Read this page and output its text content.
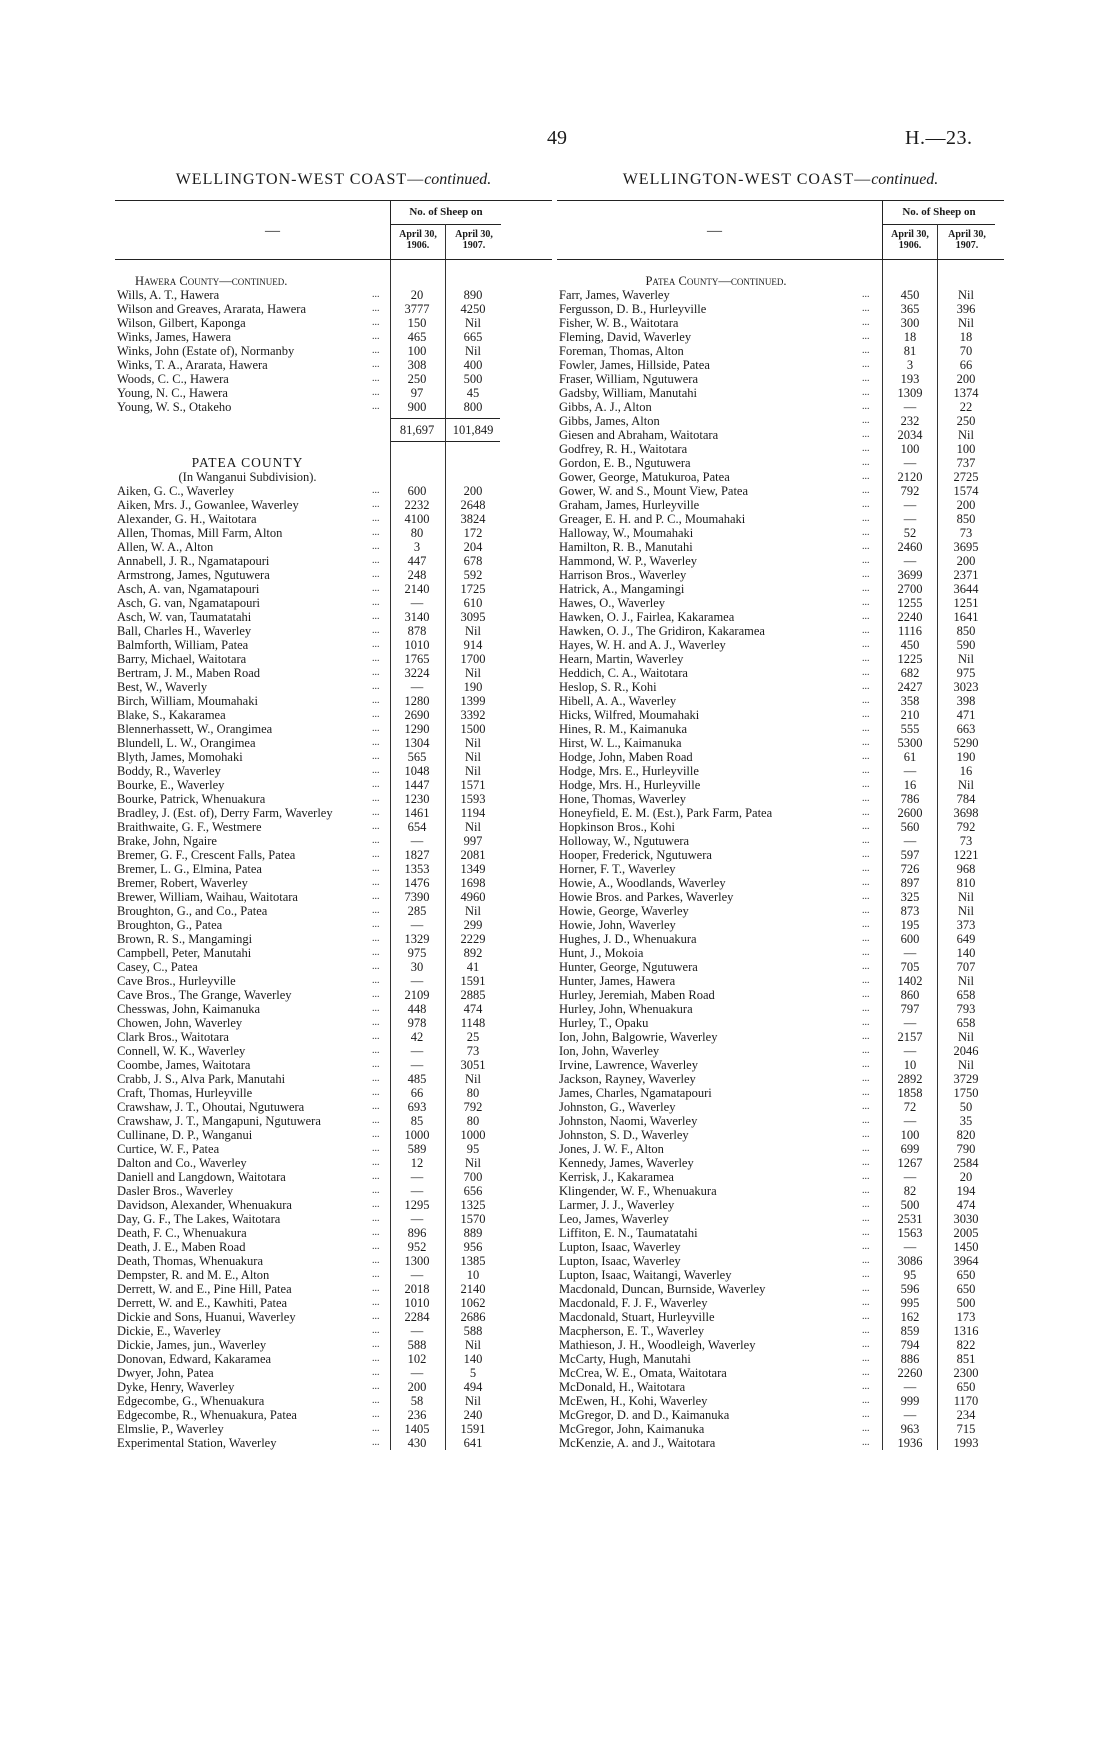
49	H.—23.
WELLINGTON-WEST COAST—continued.
—
No. of Sheep on
April 30, 1906.
April 30, 1907.
Hawera County—continued.
Wills, A. T., Hawera	...	20	890
Wilson and Greaves, Ararata, Hawera	...	3777	4250
Wilson, Gilbert, Kaponga	...	150	Nil
Winks, James, Hawera	...	465	665
Winks, John (Estate of), Normanby	...	100	Nil
Winks, T. A., Ararata, Hawera	...	308	400
Woods, C. C., Hawera	...	250	500
Young, N. C., Hawera	...	97	45
Young, W. S., Otakeho	...	900	800
81,697	101,849
PATEA COUNTY
(In Wanganui Subdivision).
Aiken, G. C., Waverley	...	600	200
Aiken, Mrs. J., Gowanlee, Waverley	...	2232	2648
Alexander, G. H., Waitotara	...	4100	3824
Allen, Thomas, Mill Farm, Alton	...	80	172
Allen, W. A., Alton	...	3	204
Annabell, J. R., Ngamatapouri	...	447	678
Armstrong, James, Ngutuwera	...	248	592
Asch, A. van, Ngamatapouri	...	2140	1725
Asch, G. van, Ngamatapouri	...	—	610
Asch, W. van, Taumatatahi	...	3140	3095
Ball, Charles H., Waverley	...	878	Nil
Balmforth, William, Patea	...	1010	914
Barry, Michael, Waitotara	...	1765	1700
Bertram, J. M., Maben Road	...	3224	Nil
Best, W., Waverly	...	—	190
Birch, William, Moumahaki	...	1280	1399
Blake, S., Kakaramea	...	2690	3392
Blennerhassett, W., Orangimea	...	1290	1500
Blundell, L. W., Orangimea	...	1304	Nil
Blyth, James, Momohaki	...	565	Nil
Boddy, R., Waverley	...	1048	Nil
Bourke, E., Waverley	...	1447	1571
Bourke, Patrick, Whenuakura	...	1230	1593
Bradley, J. (Est. of), Derry Farm, Waverley	...	1461	1194
Braithwaite, G. F., Westmere	...	654	Nil
Brake, John, Ngaire	...	—	997
Bremer, G. F., Crescent Falls, Patea	...	1827	2081
Bremer, L. G., Elmina, Patea	...	1353	1349
Bremer, Robert, Waverley	...	1476	1698
Brewer, William, Waihau, Waitotara	...	7390	4960
Broughton, G., and Co., Patea	...	285	Nil
Broughton, G., Patea	...	—	299
Brown, R. S., Mangamingi	...	1329	2229
Campbell, Peter, Manutahi	...	975	892
Casey, C., Patea	...	30	41
Cave Bros., Hurleyville	...	—	1591
Cave Bros., The Grange, Waverley	...	2109	2885
Chesswas, John, Kaimanuka	...	448	474
Chowen, John, Waverley	...	978	1148
Clark Bros., Waitotara	...	42	25
Connell, W. K., Waverley	...	—	73
Coombe, James, Waitotara	...	—	3051
Crabb, J. S., Alva Park, Manutahi	...	485	Nil
Craft, Thomas, Hurleyville	...	66	80
Crawshaw, J. T., Ohoutai, Ngutuwera	...	693	792
Crawshaw, J. T., Mangapuni, Ngutuwera	...	85	80
Cullinane, D. P., Wanganui	...	1000	1000
Curtice, W. F., Patea	...	589	95
Dalton and Co., Waverley	...	12	Nil
Daniell and Langdown, Waitotara	...	—	700
Dasler Bros., Waverley	...	—	656
Davidson, Alexander, Whenuakura	...	1295	1325
Day, G. F., The Lakes, Waitotara	...	—	1570
Death, F. C., Whenuakura	...	896	889
Death, J. E., Maben Road	...	952	956
Death, Thomas, Whenuakura	...	1300	1385
Dempster, R. and M. E., Alton	...	—	10
Derrett, W. and E., Pine Hill, Patea	...	2018	2140
Derrett, W. and E., Kawhiti, Patea	...	1010	1062
Dickie and Sons, Huanui, Waverley	...	2284	2686
Dickie, E., Waverley	...	—	588
Dickie, James, jun., Waverley	...	588	Nil
Donovan, Edward, Kakaramea	...	102	140
Dwyer, John, Patea	...	—	5
Dyke, Henry, Waverley	...	200	494
Edgecombe, G., Whenuakura	...	58	Nil
Edgecombe, R., Whenuakura, Patea	...	236	240
Elmslie, P., Waverley	...	1405	1591
Experimental Station, Waverley	...	430	641
WELLINGTON-WEST COAST—continued.
—
No. of Sheep on
April 30, 1906.
April 30, 1907.
Patea County—continued.
Farr, James, Waverley	...	450	Nil
Fergusson, D. B., Hurleyville	...	365	396
Fisher, W. B., Waitotara	...	300	Nil
Fleming, David, Waverley	...	18	18
Foreman, Thomas, Alton	...	81	70
Fowler, James, Hillside, Patea	...	3	66
Fraser, William, Ngutuwera	...	193	200
Gadsby, William, Manutahi	...	1309	1374
Gibbs, A. J., Alton	...	—	22
Gibbs, James, Alton	...	232	250
Giesen and Abraham, Waitotara	...	2034	Nil
Godfrey, R. H., Waitotara	...	100	100
Gordon, E. B., Ngutuwera	...	—	737
Gower, George, Matukuroa, Patea	...	2120	2725
Gower, W. and S., Mount View, Patea	...	792	1574
Graham, James, Hurleyville	...	—	200
Greager, E. H. and P. C., Moumahaki	...	—	850
Halloway, W., Moumahaki	...	52	73
Hamilton, R. B., Manutahi	...	2460	3695
Hammond, W. P., Waverley	...	—	200
Harrison Bros., Waverley	...	3699	2371
Hatrick, A., Mangamingi	...	2700	3644
Hawes, O., Waverley	...	1255	1251
Hawken, O. J., Fairlea, Kakaramea	...	2240	1641
Hawken, O. J., The Gridiron, Kakaramea	...	1116	850
Hayes, W. H. and A. J., Waverley	...	450	590
Hearn, Martin, Waverley	...	1225	Nil
Heddich, C. A., Waitotara	...	682	975
Heslop, S. R., Kohi	...	2427	3023
Hibell, A. A., Waverley	...	358	398
Hicks, Wilfred, Moumahaki	...	210	471
Hines, R. M., Kaimanuka	...	555	663
Hirst, W. L., Kaimanuka	...	5300	5290
Hodge, John, Maben Road	...	61	190
Hodge, Mrs. E., Hurleyville	...	—	16
Hodge, Mrs. H., Hurleyville	...	16	Nil
Hone, Thomas, Waverley	...	786	784
Honeyfield, E. M. (Est.), Park Farm, Patea	...	2600	3698
Hopkinson Bros., Kohi	...	560	792
Holloway, W., Ngutuwera	...	—	73
Hooper, Frederick, Ngutuwera	...	597	1221
Horner, F. T., Waverley	...	726	968
Howie, A., Woodlands, Waverley	...	897	810
Howie Bros. and Parkes, Waverley	...	325	Nil
Howie, George, Waverley	...	873	Nil
Howie, John, Waverley	...	195	373
Hughes, J. D., Whenuakura	...	600	649
Hunt, J., Mokoia	...	—	140
Hunter, George, Ngutuwera	...	705	707
Hunter, James, Hawera	...	1402	Nil
Hurley, Jeremiah, Maben Road	...	860	658
Hurley, John, Whenuakura	...	797	793
Hurley, T., Opaku	...	—	658
Ion, John, Balgowrie, Waverley	...	2157	Nil
Ion, John, Waverley	...	—	2046
Irvine, Lawrence, Waverley	...	10	Nil
Jackson, Rayney, Waverley	...	2892	3729
James, Charles, Ngamatapouri	...	1858	1750
Johnston, G., Waverley	...	72	50
Johnston, Naomi, Waverley	...	—	35
Johnston, S. D., Waverley	...	100	820
Jones, J. W. F., Alton	...	699	790
Kennedy, James, Waverley	...	1267	2584
Kerrisk, J., Kakaramea	...	—	20
Klingender, W. F., Whenuakura	...	82	194
Larmer, J. J., Waverley	...	500	474
Leo, James, Waverley	...	2531	3030
Liffiton, E. N., Taumatatahi	...	1563	2005
Lupton, Isaac, Waverley	...	—	1450
Lupton, Isaac, Waverley	...	3086	3964
Lupton, Isaac, Waitangi, Waverley	...	95	650
Macdonald, Duncan, Burnside, Waverley	...	596	650
Macdonald, F. J. F., Waverley	...	995	500
Macdonald, Stuart, Hurleyville	...	162	173
Macpherson, E. T., Waverley	...	859	1316
Mathieson, J. H., Woodleigh, Waverley	...	794	822
McCarty, Hugh, Manutahi	...	886	851
McCrea, W. E., Omata, Waitotara	...	2260	2300
McDonald, H., Waitotara	...	—	650
McEwen, H., Kohi, Waverley	...	999	1170
McGregor, D. and D., Kaimanuka	...	—	234
McGregor, John, Kaimanuka	...	963	715
McKenzie, A. and J., Waitotara	...	1936	1993
